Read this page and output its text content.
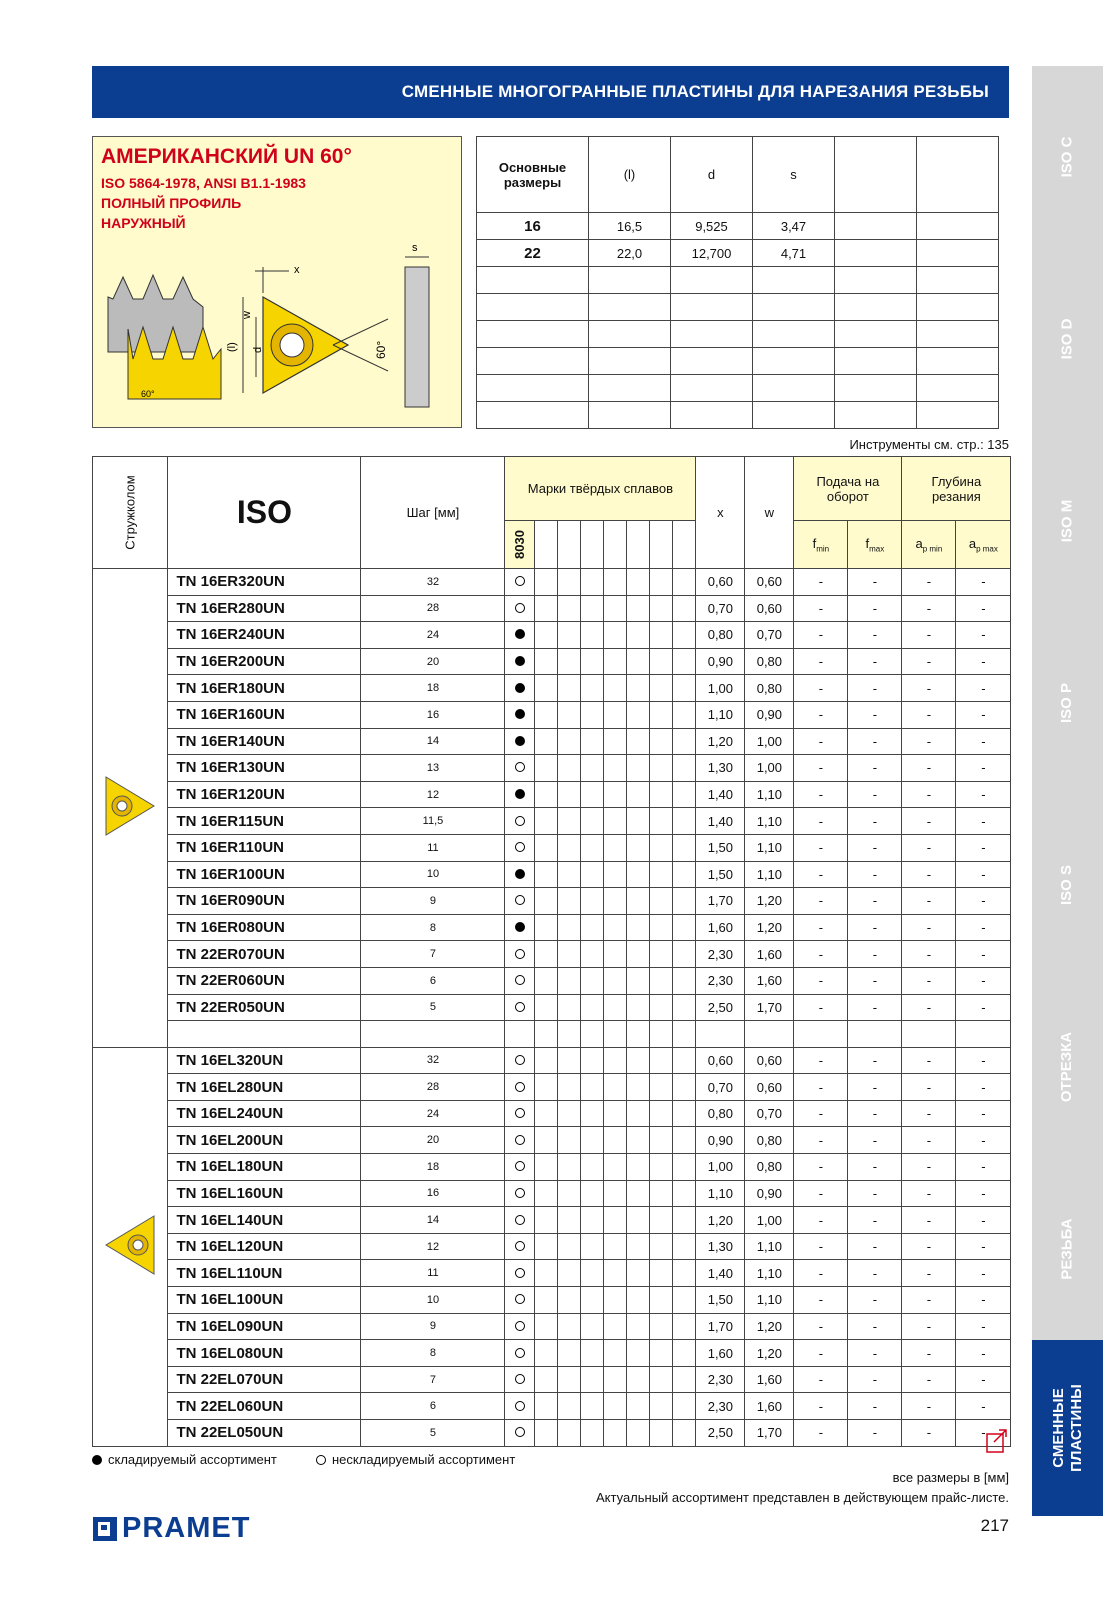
СМЕННЫЕ МНОГОГРАННЫЕ ПЛАСТИНЫ ДЛЯ НАРЕЗАНИЯ РЕЗЬБЫ
ISO C
ISO D
ISO M
ISO P
ISO S
ОТРЕЗКА
РЕЗЬБА
СМЕННЫЕ ПЛАСТИНЫ
АМЕРИКАНСКИЙ UN 60°
ISO 5864-1978, ANSI B1.1-1983
ПОЛНЫЙ ПРОФИЛЬ
НАРУЖНЫЙ
60°
x
w
(l) d	60°
s
Основные размеры	(l)	d	s		
16	16,5	9,525	3,47		
22	22,0	12,700	4,71		

Инструменты см. стр.: 135
Стружколом	ISO	Шаг [мм]	Марки твёрдых сплавов								x	w	Подача на оборот		Глубина резания	

			8030										$f_{min}$	$f_{max}$	$a_{p min}$	$a_{p max}$
	TN 16ER320UN	32									0,60	0,60	-	-	-	-
	TN 16ER280UN	28									0,70	0,60	-	-	-	-
	TN 16ER240UN	24									0,80	0,70	-	-	-	-
	TN 16ER200UN	20									0,90	0,80	-	-	-	-
	TN 16ER180UN	18									1,00	0,80	-	-	-	-
	TN 16ER160UN	16									1,10	0,90	-	-	-	-
	TN 16ER140UN	14									1,20	1,00	-	-	-	-
	TN 16ER130UN	13									1,30	1,00	-	-	-	-
	TN 16ER120UN	12									1,40	1,10	-	-	-	-
	TN 16ER115UN	11,5									1,40	1,10	-	-	-	-
	TN 16ER110UN	11									1,50	1,10	-	-	-	-
	TN 16ER100UN	10									1,50	1,10	-	-	-	-
	TN 16ER090UN	9									1,70	1,20	-	-	-	-
	TN 16ER080UN	8									1,60	1,20	-	-	-	-
	TN 22ER070UN	7									2,30	1,60	-	-	-	-
	TN 22ER060UN	6									2,30	1,60	-	-	-	-
	TN 22ER050UN	5									2,50	1,70	-	-	-	-

	TN 16EL320UN	32									0,60	0,60	-	-	-	-
	TN 16EL280UN	28									0,70	0,60	-	-	-	-
	TN 16EL240UN	24									0,80	0,70	-	-	-	-
	TN 16EL200UN	20									0,90	0,80	-	-	-	-
	TN 16EL180UN	18									1,00	0,80	-	-	-	-
	TN 16EL160UN	16									1,10	0,90	-	-	-	-
	TN 16EL140UN	14									1,20	1,00	-	-	-	-
	TN 16EL120UN	12									1,30	1,10	-	-	-	-
	TN 16EL110UN	11									1,40	1,10	-	-	-	-
	TN 16EL100UN	10									1,50	1,10	-	-	-	-
	TN 16EL090UN	9									1,70	1,20	-	-	-	-
	TN 16EL080UN	8									1,60	1,20	-	-	-	-
	TN 22EL070UN	7									2,30	1,60	-	-	-	-
	TN 22EL060UN	6									2,30	1,60	-	-	-	-
	TN 22EL050UN	5									2,50	1,70	-	-	-	-
складируемый ассортимент	нескладируемый ассортимент
все размеры в [мм]
Актуальный ассортимент представлен в действующем прайс-листе.
217
PRAMET
